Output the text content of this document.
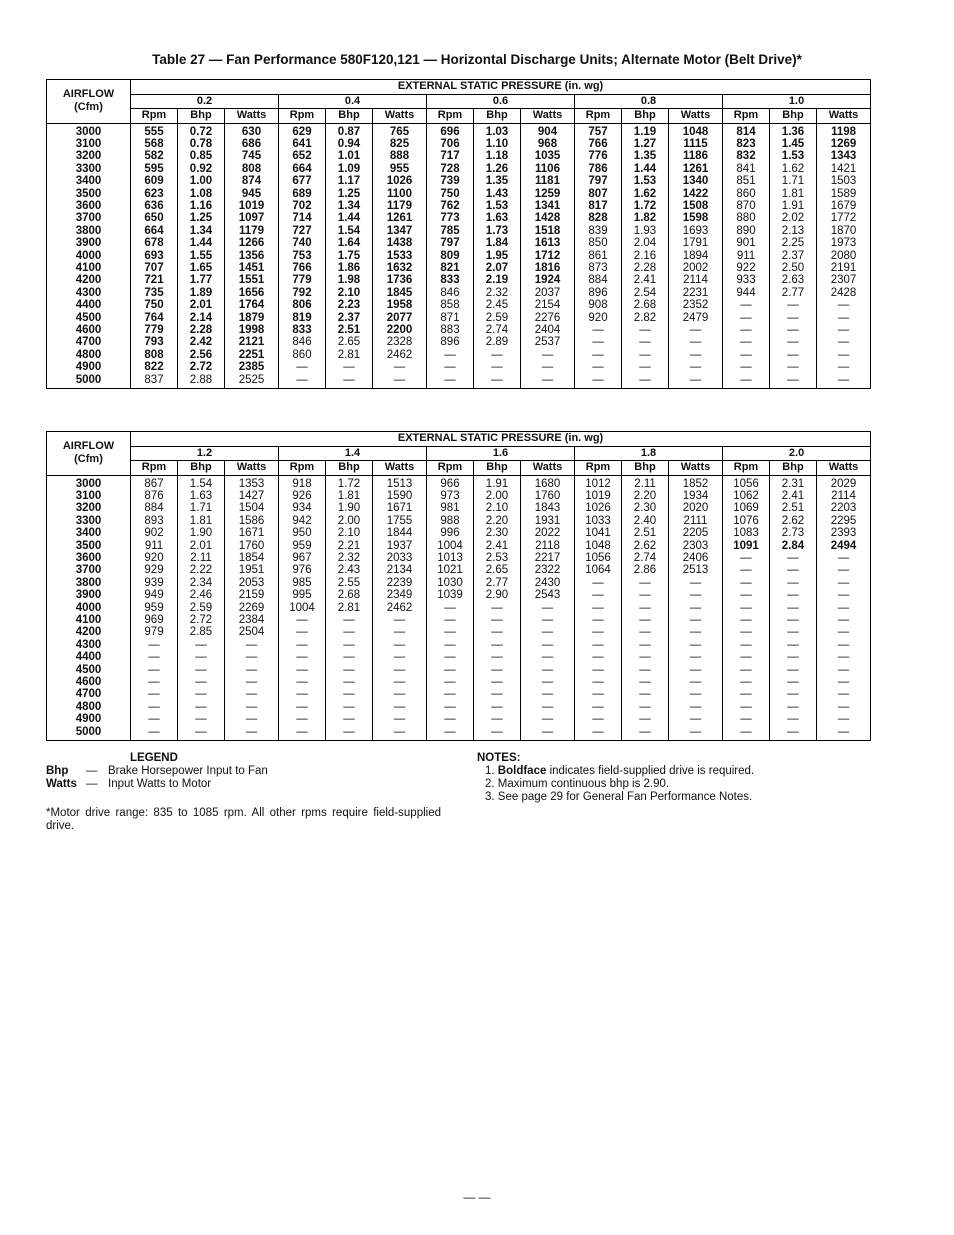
Table 27 — Fan Performance 580F120,121 — Horizontal Discharge Units; Alternate Motor (Belt Drive)*
AIRFLOW
(Cfm)	EXTERNAL STATIC PRESSURE (in. wg)														
	0.2			0.4			0.6			0.8			1.0		
	Rpm	Bhp	Watts	Rpm	Bhp	Watts	Rpm	Bhp	Watts	Rpm	Bhp	Watts	Rpm	Bhp	Watts
3000	555	0.72	630	629	0.87	765	696	1.03	904	757	1.19	1048	814	1.36	1198
3100	568	0.78	686	641	0.94	825	706	1.10	968	766	1.27	1115	823	1.45	1269
3200	582	0.85	745	652	1.01	888	717	1.18	1035	776	1.35	1186	832	1.53	1343
3300	595	0.92	808	664	1.09	955	728	1.26	1106	786	1.44	1261	841	1.62	1421
3400	609	1.00	874	677	1.17	1026	739	1.35	1181	797	1.53	1340	851	1.71	1503
3500	623	1.08	945	689	1.25	1100	750	1.43	1259	807	1.62	1422	860	1.81	1589
3600	636	1.16	1019	702	1.34	1179	762	1.53	1341	817	1.72	1508	870	1.91	1679
3700	650	1.25	1097	714	1.44	1261	773	1.63	1428	828	1.82	1598	880	2.02	1772
3800	664	1.34	1179	727	1.54	1347	785	1.73	1518	839	1.93	1693	890	2.13	1870
3900	678	1.44	1266	740	1.64	1438	797	1.84	1613	850	2.04	1791	901	2.25	1973
4000	693	1.55	1356	753	1.75	1533	809	1.95	1712	861	2.16	1894	911	2.37	2080
4100	707	1.65	1451	766	1.86	1632	821	2.07	1816	873	2.28	2002	922	2.50	2191
4200	721	1.77	1551	779	1.98	1736	833	2.19	1924	884	2.41	2114	933	2.63	2307
4300	735	1.89	1656	792	2.10	1845	846	2.32	2037	896	2.54	2231	944	2.77	2428
4400	750	2.01	1764	806	2.23	1958	858	2.45	2154	908	2.68	2352	—	—	—
4500	764	2.14	1879	819	2.37	2077	871	2.59	2276	920	2.82	2479	—	—	—
4600	779	2.28	1998	833	2.51	2200	883	2.74	2404	—	—	—	—	—	—
4700	793	2.42	2121	846	2.65	2328	896	2.89	2537	—	—	—	—	—	—
4800	808	2.56	2251	860	2.81	2462	—	—	—	—	—	—	—	—	—
4900	822	2.72	2385	—	—	—	—	—	—	—	—	—	—	—	—
5000	837	2.88	2525	—	—	—	—	—	—	—	—	—	—	—	—
AIRFLOW
(Cfm)	EXTERNAL STATIC PRESSURE (in. wg)														
	1.2			1.4			1.6			1.8			2.0		
	Rpm	Bhp	Watts	Rpm	Bhp	Watts	Rpm	Bhp	Watts	Rpm	Bhp	Watts	Rpm	Bhp	Watts
3000	867	1.54	1353	918	1.72	1513	966	1.91	1680	1012	2.11	1852	1056	2.31	2029
3100	876	1.63	1427	926	1.81	1590	973	2.00	1760	1019	2.20	1934	1062	2.41	2114
3200	884	1.71	1504	934	1.90	1671	981	2.10	1843	1026	2.30	2020	1069	2.51	2203
3300	893	1.81	1586	942	2.00	1755	988	2.20	1931	1033	2.40	2111	1076	2.62	2295
3400	902	1.90	1671	950	2.10	1844	996	2.30	2022	1041	2.51	2205	1083	2.73	2393
3500	911	2.01	1760	959	2.21	1937	1004	2.41	2118	1048	2.62	2303	1091	2.84	2494
3600	920	2.11	1854	967	2.32	2033	1013	2.53	2217	1056	2.74	2406	—	—	—
3700	929	2.22	1951	976	2.43	2134	1021	2.65	2322	1064	2.86	2513	—	—	—
3800	939	2.34	2053	985	2.55	2239	1030	2.77	2430	—	—	—	—	—	—
3900	949	2.46	2159	995	2.68	2349	1039	2.90	2543	—	—	—	—	—	—
4000	959	2.59	2269	1004	2.81	2462	—	—	—	—	—	—	—	—	—
4100	969	2.72	2384	—	—	—	—	—	—	—	—	—	—	—	—
4200	979	2.85	2504	—	—	—	—	—	—	—	—	—	—	—	—
4300	—	—	—	—	—	—	—	—	—	—	—	—	—	—	—
4400	—	—	—	—	—	—	—	—	—	—	—	—	—	—	—
4500	—	—	—	—	—	—	—	—	—	—	—	—	—	—	—
4600	—	—	—	—	—	—	—	—	—	—	—	—	—	—	—
4700	—	—	—	—	—	—	—	—	—	—	—	—	—	—	—
4800	—	—	—	—	—	—	—	—	—	—	—	—	—	—	—
4900	—	—	—	—	—	—	—	—	—	—	—	—	—	—	—
5000	—	—	—	—	—	—	—	—	—	—	—	—	—	—	—
LEGEND
Bhp	— Brake Horsepower Input to Fan
Watts — Input Watts to Motor
*Motor drive range: 835 to 1085 rpm. All other rpms require field-supplied drive.
NOTES:
1. Boldface indicates field-supplied drive is required.
2. Maximum continuous bhp is 2.90.
3. See page 29 for General Fan Performance Notes.
— —
